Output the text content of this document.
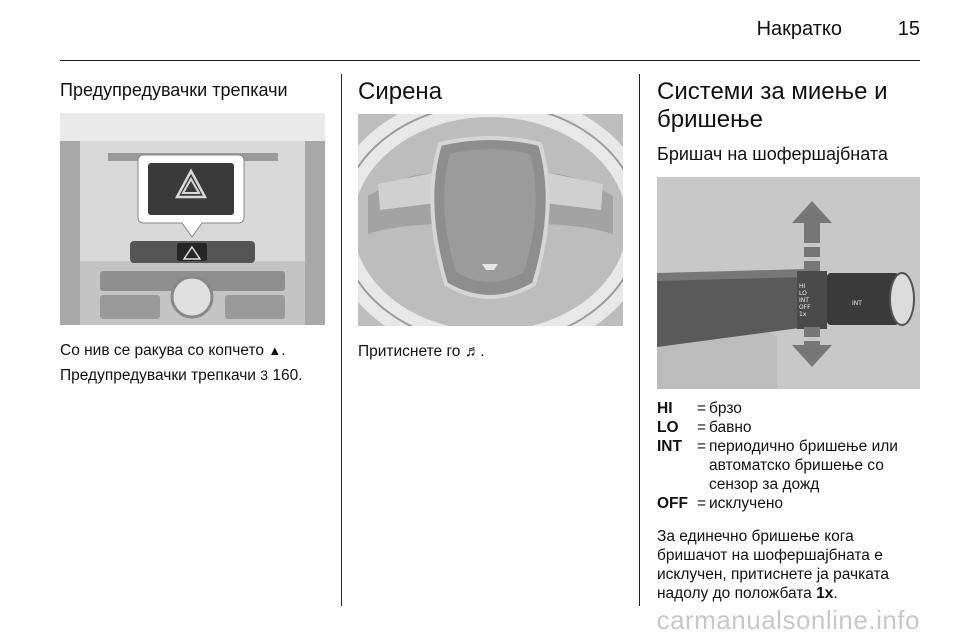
Накратко	15
Предупредувачки трепкачи

Со нив се ракува со копчето ▲.

Предупредувачки трепкачи 3 160.

Сирена

Притиснете го ♬.

Системи за миење и бришење
Бришач на шофершајбната
HI
LO
INT
OFF
1x
INT
HI	= брзо
LO	= бавно
INT = периодично бришење или автоматско бришење со сензор за дожд
OFF = исклучено

За единечно бришење кога бришачот на шофершајбната е исклучен, притиснете ја рачката надолу до положбата 1x.

carmanualsonline.info
